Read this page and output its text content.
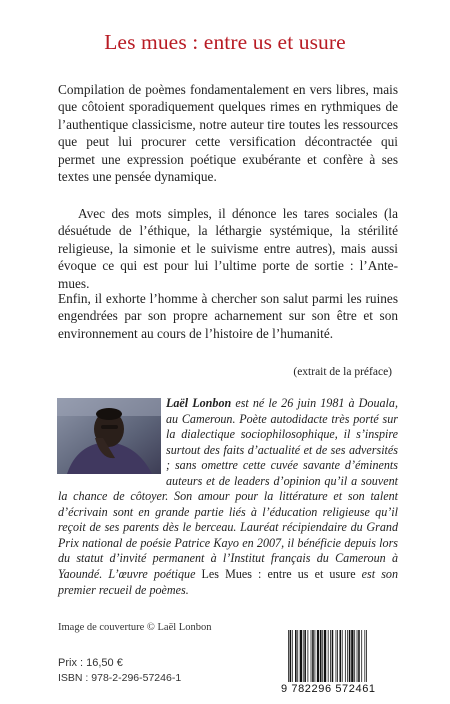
Les mues : entre us et usure
Compilation de poèmes fondamentalement en vers libres, mais que côtoient sporadiquement quelques rimes en rythmiques de l’authentique classicisme, notre auteur tire toutes les ressources que peut lui procurer cette versification décontractée qui permet une expression poétique exubérante et confère à ses textes une pensée dynamique.
Avec des mots simples, il dénonce les tares sociales (la désuétude de l’éthique, la léthargie systémique, la stérilité religieuse, la simonie et le suivisme entre autres), mais aussi évoque ce qui est pour lui l’ultime porte de sortie : l’Ante-mues.
Enfin, il exhorte l’homme à chercher son salut parmi les ruines engendrées par son propre acharnement sur son être et son environnement au cours de l’histoire de l’humanité.
(extrait de la préface)
Laël Lonbon est né le 26 juin 1981 à Douala, au Cameroun. Poète autodidacte très porté sur la dialectique sociophilosophique, il s’inspire surtout des faits d’actualité et de ses adversités ; sans omettre cette cuvée savante d’éminents auteurs et de leaders d’opinion qu’il a souvent la chance de côtoyer. Son amour pour la littérature et son talent d’écrivain sont en grande partie liés à l’éducation religieuse qu’il reçoit de ses parents dès le berceau. Lauréat récipiendaire du Grand Prix national de poésie Patrice Kayo en 2007, il bénéficie depuis lors du statut d’invité permanent à l’Institut français du Cameroun à Yaoundé. L’œuvre poétique Les Mues : entre us et usure est son premier recueil de poèmes.
Image de couverture © Laël Lonbon
Prix : 16,50 €
ISBN : 978-2-296-57246-1
9 782296 572461
